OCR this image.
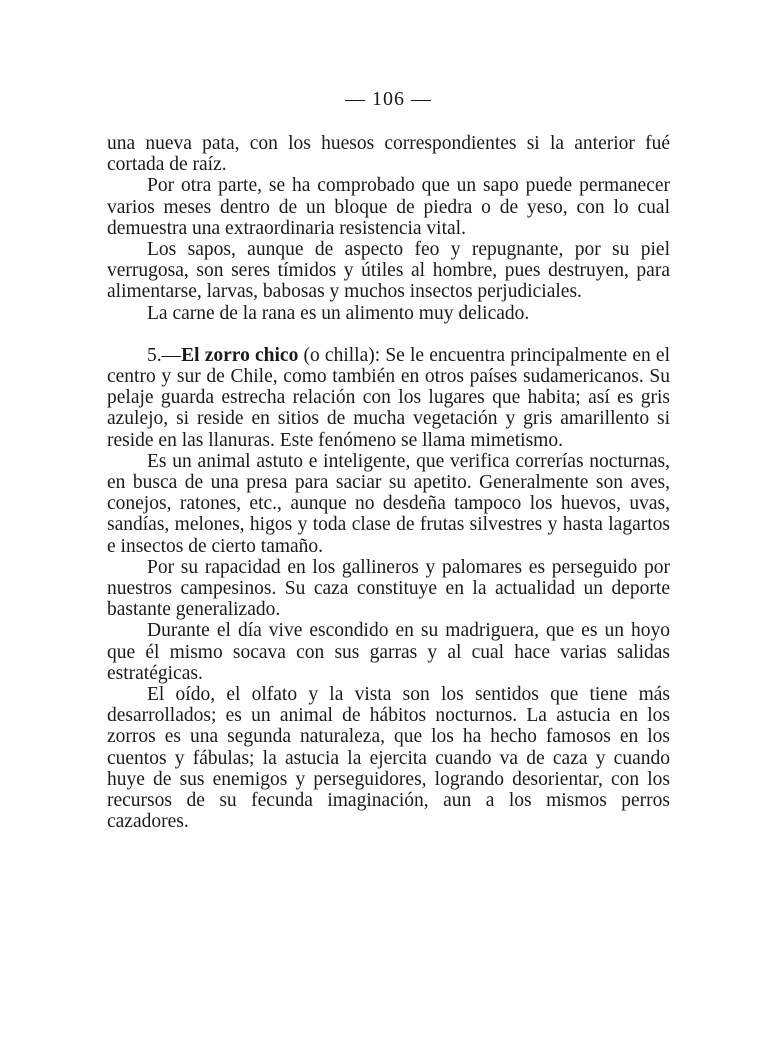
— 106 —

una nueva pata, con los huesos correspondientes si la anterior fué cortada de raíz.

Por otra parte, se ha comprobado que un sapo puede permanecer varios meses dentro de un bloque de piedra o de yeso, con lo cual demuestra una extraordinaria resistencia vital.

Los sapos, aunque de aspecto feo y repugnante, por su piel verrugosa, son seres tímidos y útiles al hombre, pues destruyen, para alimentarse, larvas, babosas y muchos insectos perjudiciales.

La carne de la rana es un alimento muy delicado.

5.—El zorro chico (o chilla): Se le encuentra principalmente en el centro y sur de Chile, como también en otros países sudamericanos. Su pelaje guarda estrecha relación con los lugares que habita; así es gris azulejo, si reside en sitios de mucha vegetación y gris amarillento si reside en las llanuras. Este fenómeno se llama mimetismo.

Es un animal astuto e inteligente, que verifica correrías nocturnas, en busca de una presa para saciar su apetito. Generalmente son aves, conejos, ratones, etc., aunque no desdeña tampoco los huevos, uvas, sandías, melones, higos y toda clase de frutas silvestres y hasta lagartos e insectos de cierto tamaño.

Por su rapacidad en los gallineros y palomares es perseguido por nuestros campesinos. Su caza constituye en la actualidad un deporte bastante generalizado.

Durante el día vive escondido en su madriguera, que es un hoyo que él mismo socava con sus garras y al cual hace varias salidas estratégicas.

El oído, el olfato y la vista son los sentidos que tiene más desarrollados; es un animal de hábitos nocturnos. La astucia en los zorros es una segunda naturaleza, que los ha hecho famosos en los cuentos y fábulas; la astucia la ejercita cuando va de caza y cuando huye de sus enemigos y perseguidores, logrando desorientar, con los recursos de su fecunda imaginación, aun a los mismos perros cazadores.
